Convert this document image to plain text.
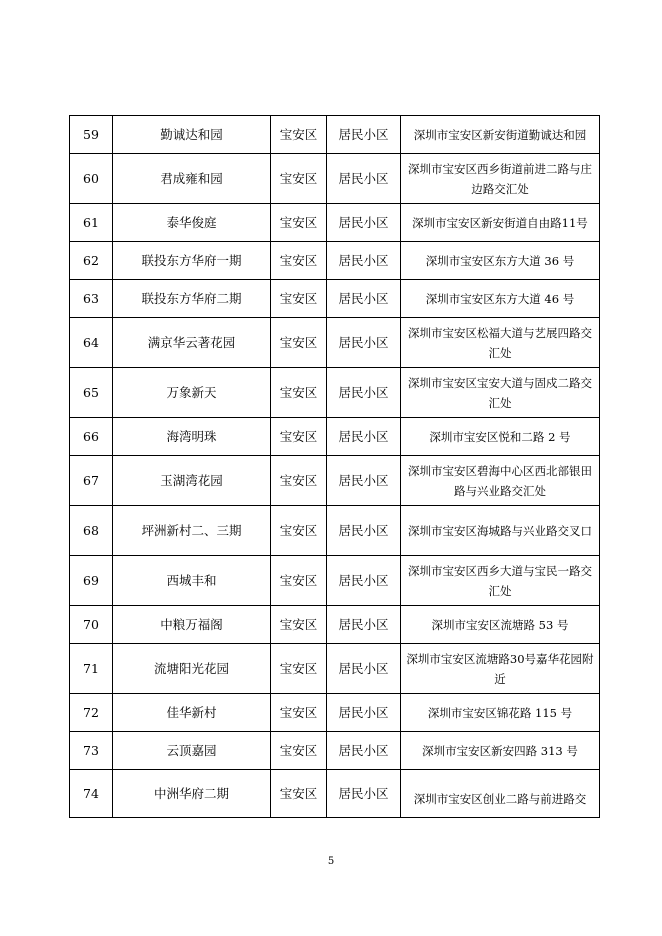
59	勤诚达和园	宝安区	居民小区	深圳市宝安区新安街道勤诚达和园
60	君成雍和园	宝安区	居民小区	深圳市宝安区西乡街道前进二路与庄边路交汇处
61	泰华俊庭	宝安区	居民小区	深圳市宝安区新安街道自由路11号
62	联投东方华府一期	宝安区	居民小区	深圳市宝安区东方大道 36 号
63	联投东方华府二期	宝安区	居民小区	深圳市宝安区东方大道 46 号
64	满京华云著花园	宝安区	居民小区	深圳市宝安区松福大道与艺展四路交汇处
65	万象新天	宝安区	居民小区	深圳市宝安区宝安大道与固戍二路交汇处
66	海湾明珠	宝安区	居民小区	深圳市宝安区悦和二路 2 号
67	玉湖湾花园	宝安区	居民小区	深圳市宝安区碧海中心区西北部银田路与兴业路交汇处
68	坪洲新村二、三期	宝安区	居民小区	深圳市宝安区海城路与兴业路交叉口
69	西城丰和	宝安区	居民小区	深圳市宝安区西乡大道与宝民一路交汇处
70	中粮万福阁	宝安区	居民小区	深圳市宝安区流塘路 53 号
71	流塘阳光花园	宝安区	居民小区	深圳市宝安区流塘路30号嘉华花园附近
72	佳华新村	宝安区	居民小区	深圳市宝安区锦花路 115 号
73	云顶嘉园	宝安区	居民小区	深圳市宝安区新安四路 313 号
74	中洲华府二期	宝安区	居民小区	深圳市宝安区创业二路与前进路交
5
